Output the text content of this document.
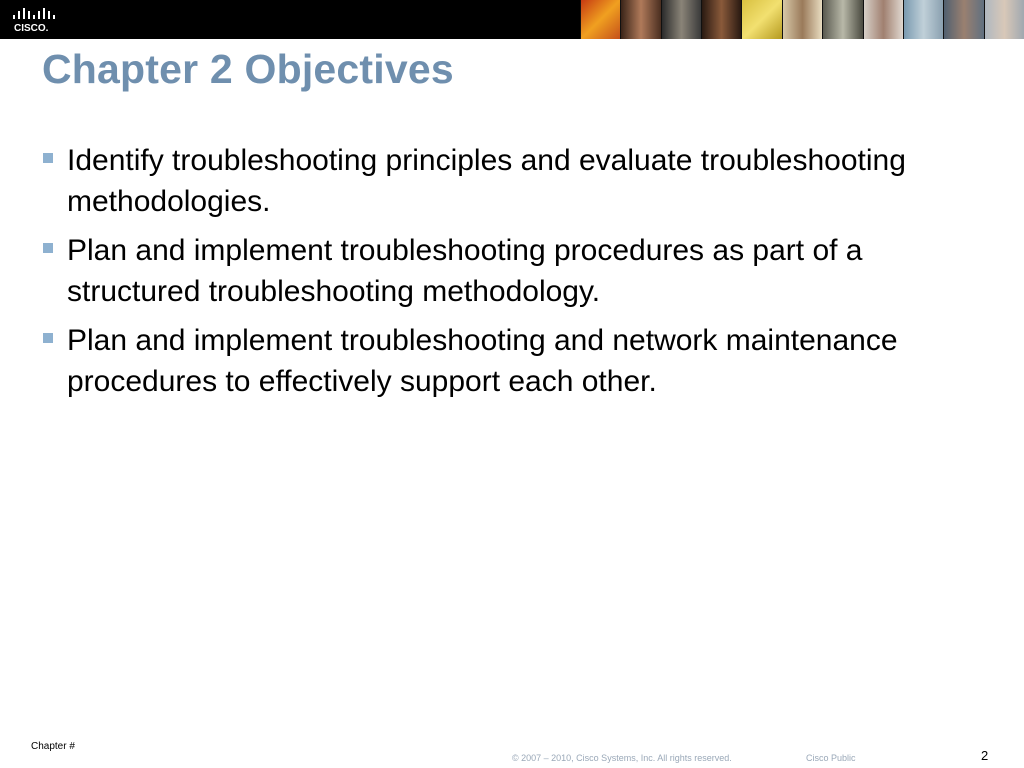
CISCO.
Chapter 2 Objectives
Identify troubleshooting principles and evaluate troubleshooting methodologies.
Plan and implement troubleshooting procedures as part of a structured troubleshooting methodology.
Plan and implement troubleshooting and network maintenance procedures to effectively support each other.
Chapter #
© 2007 – 2010, Cisco Systems, Inc. All rights reserved.	Cisco Public	2
